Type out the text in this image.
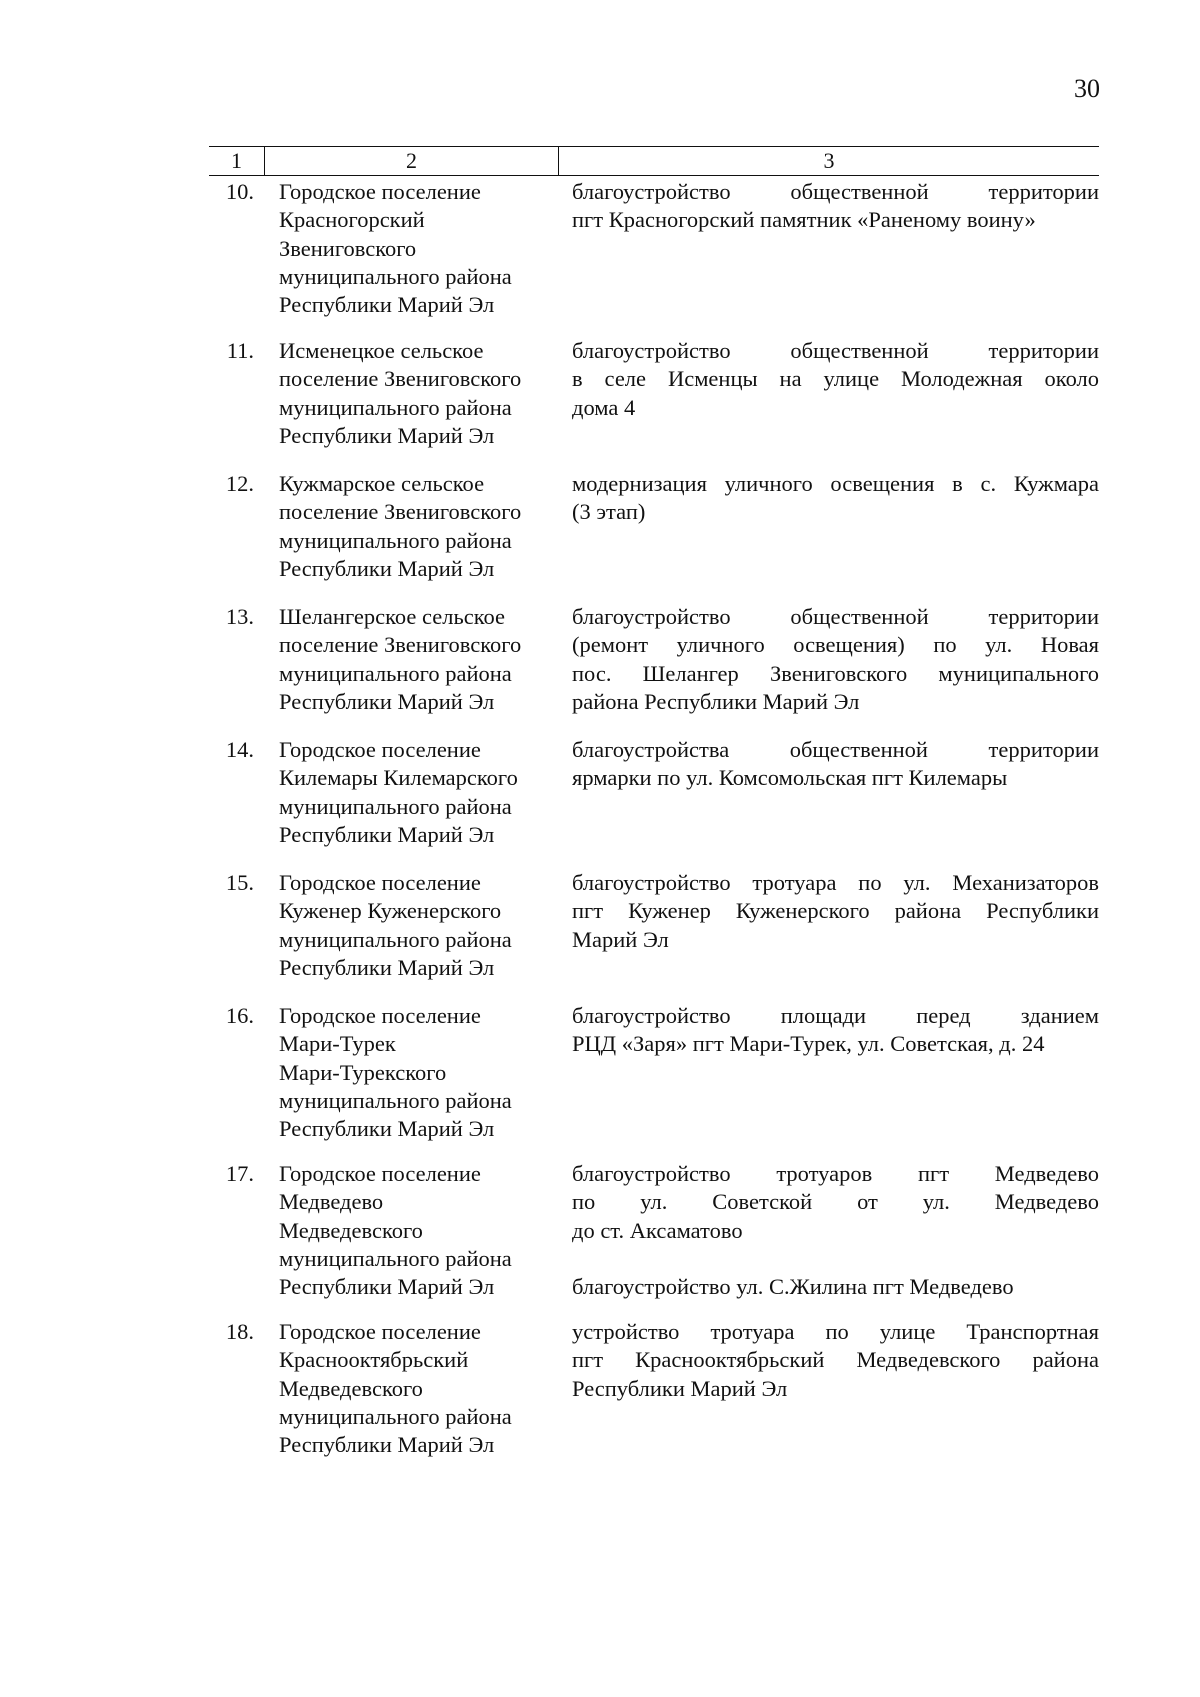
30
1	2	3
10. Городское поселение
Красногорский
Звениговского
муниципального района
Республики Марий Эл
благоустройство общественной территории
пгт Красногорский памятник «Раненому воину»
11. Исменецкое сельское
поселение Звениговского
муниципального района
Республики Марий Эл
благоустройство общественной территории
в селе Исменцы на улице Молодежная около
дома 4
12. Кужмарское сельское
поселение Звениговского
муниципального района
Республики Марий Эл
модернизация уличного освещения в с. Кужмара
(3 этап)
13. Шелангерское сельское
поселение Звениговского
муниципального района
Республики Марий Эл
благоустройство общественной территории
(ремонт уличного освещения) по ул. Новая
пос. Шелангер Звениговского муниципального
района Республики Марий Эл
14. Городское поселение
Килемары Килемарского
муниципального района
Республики Марий Эл
благоустройства общественной территории
ярмарки по ул. Комсомольская пгт Килемары
15. Городское поселение
Куженер Куженерского
муниципального района
Республики Марий Эл
благоустройство тротуара по ул. Механизаторов
пгт Куженер Куженерского района Республики
Марий Эл
16. Городское поселение
Мари-Турек
Мари-Турекского
муниципального района
Республики Марий Эл
благоустройство площади перед зданием
РЦД «Заря» пгт Мари-Турек, ул. Советская, д. 24
17. Городское поселение
Медведево
Медведевского
муниципального района
Республики Марий Эл
благоустройство тротуаров пгт Медведево
по ул. Советской от ул. Медведево
до ст. Аксаматово
благоустройство ул. С.Жилина пгт Медведево
18. Городское поселение
Краснооктябрьский
Медведевского
муниципального района
Республики Марий Эл
устройство тротуара по улице Транспортная
пгт Краснооктябрьский Медведевского района
Республики Марий Эл
